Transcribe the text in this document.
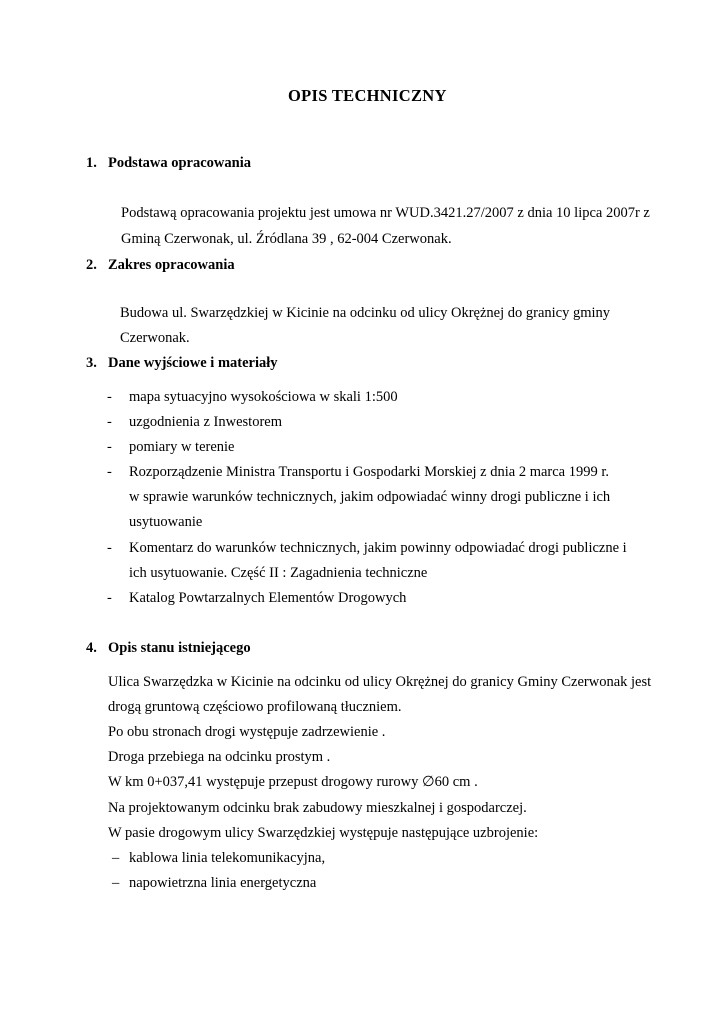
OPIS TECHNICZNY
1. Podstawa opracowania
Podstawą opracowania projektu jest umowa nr WUD.3421.27/2007 z dnia 10 lipca 2007r z
Gminą Czerwonak, ul. Źródlana 39 , 62-004 Czerwonak.
2. Zakres opracowania
Budowa ul. Swarzędzkiej w Kicinie na odcinku od ulicy Okrężnej do granicy gminy
Czerwonak.
3. Dane wyjściowe i materiały
- mapa sytuacyjno wysokościowa w skali 1:500
- uzgodnienia z Inwestorem
- pomiary w terenie
- Rozporządzenie Ministra Transportu i Gospodarki Morskiej z dnia 2 marca 1999 r.
w sprawie warunków technicznych, jakim odpowiadać winny drogi publiczne i ich
usytuowanie
- Komentarz do warunków technicznych, jakim powinny odpowiadać drogi publiczne i
ich usytuowanie. Część II : Zagadnienia techniczne
- Katalog Powtarzalnych Elementów Drogowych
4. Opis stanu istniejącego
Ulica Swarzędzka w Kicinie na odcinku od ulicy Okrężnej do granicy Gminy Czerwonak jest
drogą gruntową częściowo profilowaną tłuczniem.
Po obu stronach drogi występuje zadrzewienie .
Droga przebiega na odcinku prostym .
W km 0+037,41 występuje przepust drogowy rurowy ∅60 cm .
Na projektowanym odcinku brak zabudowy mieszkalnej i gospodarczej.
W pasie drogowym ulicy Swarzędzkiej występuje następujące uzbrojenie:
– kablowa linia telekomunikacyjna,
– napowietrzna linia energetyczna
